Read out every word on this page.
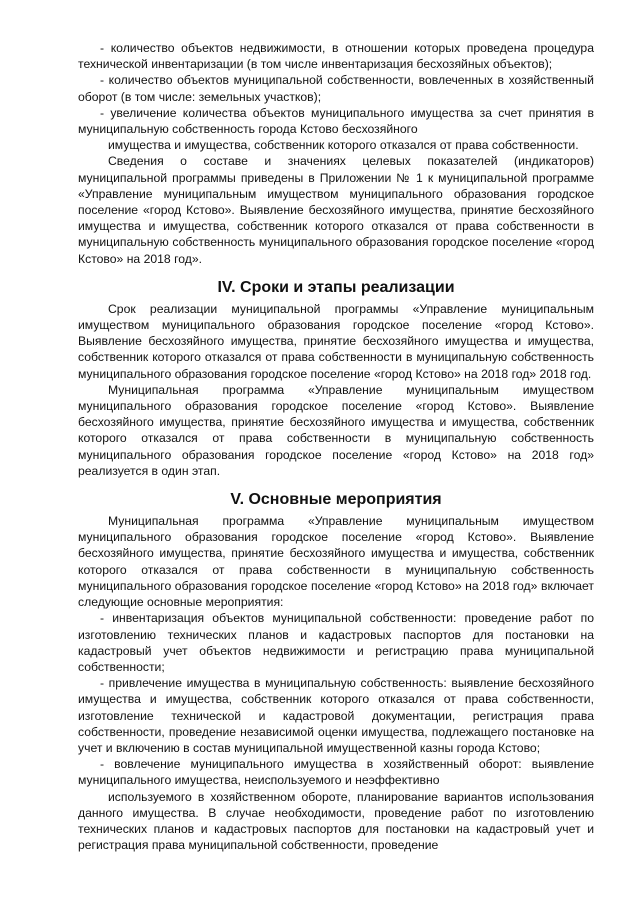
- количество объектов недвижимости, в отношении которых проведена процедура технической инвентаризации (в том числе инвентаризация бесхозяйных объектов);

- количество объектов муниципальной собственности, вовлеченных в хозяйственный оборот (в том числе: земельных участков);

- увеличение количества объектов муниципального имущества за счет принятия в муниципальную собственность города Кстово бесхозяйного

имущества и имущества, собственник которого отказался от права собственности.

Сведения о составе и значениях целевых показателей (индикаторов) муниципальной программы приведены в Приложении № 1 к муниципальной программе «Управление муниципальным имуществом муниципального образования городское поселение «город Кстово». Выявление бесхозяйного имущества, принятие бесхозяйного имущества и имущества, собственник которого отказался от права собственности в муниципальную собственность муниципального образования городское поселение «город Кстово» на 2018 год».

IV. Сроки и этапы реализации

Срок реализации муниципальной программы «Управление муниципальным имуществом муниципального образования городское поселение «город Кстово». Выявление бесхозяйного имущества, принятие бесхозяйного имущества и имущества, собственник которого отказался от права собственности в муниципальную собственность муниципального образования городское поселение «город Кстово» на 2018 год» 2018 год.

Муниципальная программа «Управление муниципальным имуществом муниципального образования городское поселение «город Кстово». Выявление бесхозяйного имущества, принятие бесхозяйного имущества и имущества, собственник которого отказался от права собственности в муниципальную собственность муниципального образования городское поселение «город Кстово» на 2018 год» реализуется в один этап.

V. Основные мероприятия

Муниципальная программа «Управление муниципальным имуществом муниципального образования городское поселение «город Кстово». Выявление бесхозяйного имущества, принятие бесхозяйного имущества и имущества, собственник которого отказался от права собственности в муниципальную собственность муниципального образования городское поселение «город Кстово» на 2018 год» включает следующие основные мероприятия:

- инвентаризация объектов муниципальной собственности: проведение работ по изготовлению технических планов и кадастровых паспортов для постановки на кадастровый учет объектов недвижимости и регистрацию права муниципальной собственности;

- привлечение имущества в муниципальную собственность: выявление бесхозяйного имущества и имущества, собственник которого отказался от права собственности, изготовление технической и кадастровой документации, регистрация права собственности, проведение независимой оценки имущества, подлежащего постановке на учет и включению в состав муниципальной имущественной казны города Кстово;

- вовлечение муниципального имущества в хозяйственный оборот: выявление муниципального имущества, неиспользуемого и неэффективно

используемого в хозяйственном обороте, планирование вариантов использования данного имущества. В случае необходимости, проведение работ по изготовлению технических планов и кадастровых паспортов для постановки на кадастровый учет и регистрация права муниципальной собственности, проведение
